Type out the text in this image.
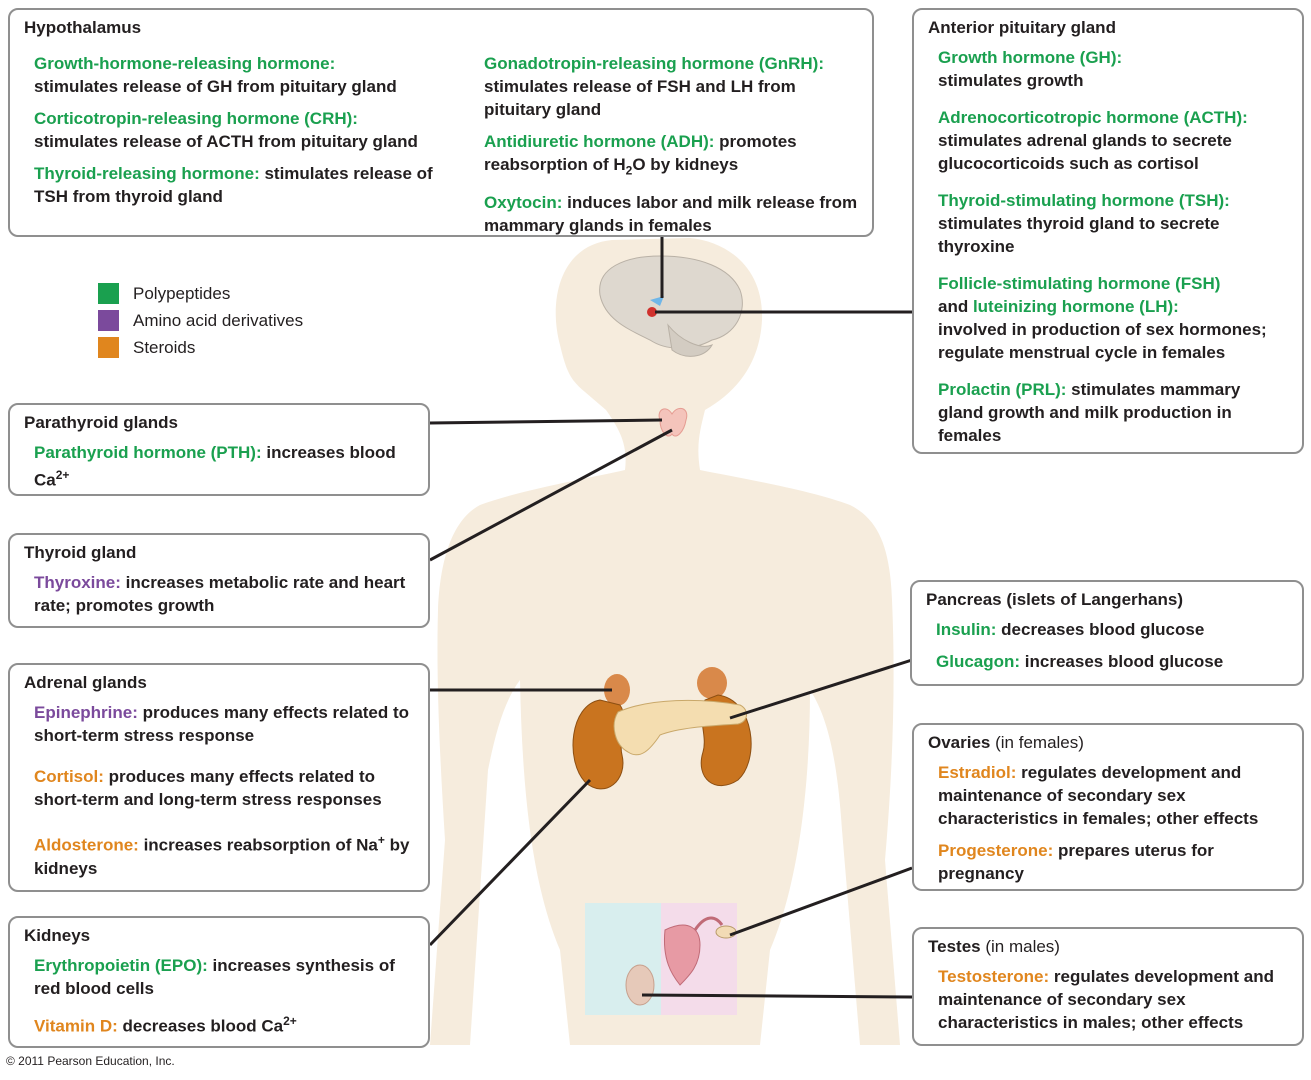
Hypothalamus
Growth-hormone-releasing hormone:
stimulates release of GH from pituitary gland
Corticotropin-releasing hormone (CRH):
stimulates release of ACTH from pituitary gland
Thyroid-releasing hormone: stimulates release of TSH from thyroid gland
Gonadotropin-releasing hormone (GnRH):
stimulates release of FSH and LH from pituitary gland
Antidiuretic hormone (ADH): promotes reabsorption of $H_2O$ by kidneys
Oxytocin: induces labor and milk release from mammary glands in females
Anterior pituitary gland
Growth hormone (GH):
stimulates growth
Adrenocorticotropic hormone (ACTH):
stimulates adrenal glands to secrete glucocorticoids such as cortisol
Thyroid-stimulating hormone (TSH):
stimulates thyroid gland to secrete thyroxine
Follicle-stimulating hormone (FSH)
and luteinizing hormone (LH):
involved in production of sex hormones; regulate menstrual cycle in females
Prolactin (PRL): stimulates mammary gland growth and milk production in females
Polypeptides
Amino acid derivatives
Steroids
Parathyroid glands
Parathyroid hormone (PTH): increases blood $Ca^{2+}$
Thyroid gland
Thyroxine: increases metabolic rate and heart rate; promotes growth
Adrenal glands
Epinephrine: produces many effects related to short-term stress response
Cortisol: produces many effects related to short-term and long-term stress responses
Aldosterone: increases reabsorption of Na+ by kidneys
Kidneys
Erythropoietin (EPO): increases synthesis of red blood cells
Vitamin D: decreases blood $Ca^{2+}$
Pancreas (islets of Langerhans)
Insulin: decreases blood glucose
Glucagon: increases blood glucose
Ovaries (in females)
Estradiol: regulates development and maintenance of secondary sex characteristics in females; other effects
Progesterone: prepares uterus for pregnancy
Testes (in males)
Testosterone: regulates development and maintenance of secondary sex characteristics in males; other effects
© 2011 Pearson Education, Inc.
